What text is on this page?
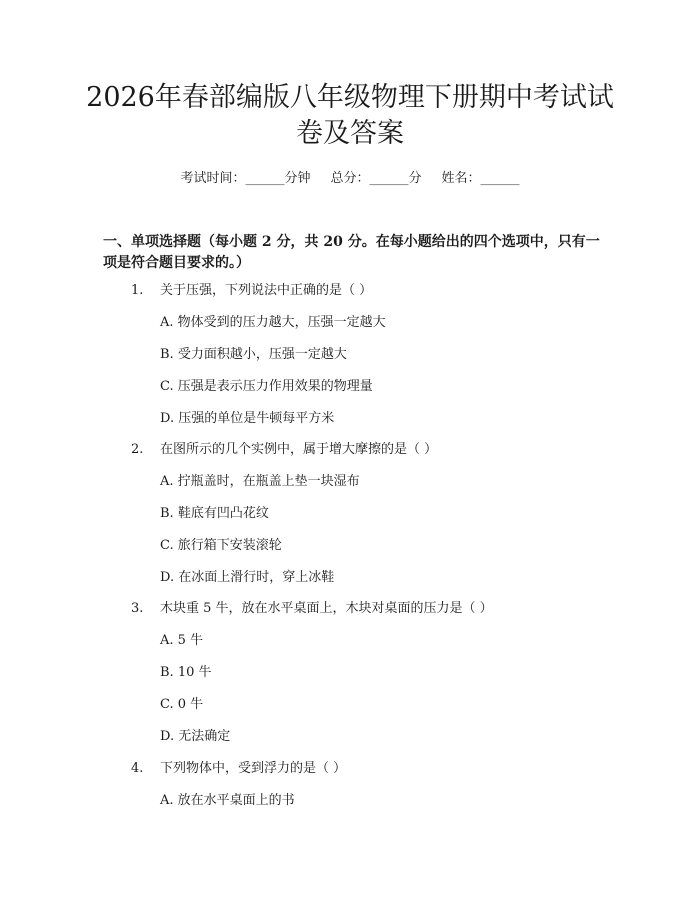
2026年春部编版八年级物理下册期中考试试卷及答案
考试时间：______分钟 总分：______分 姓名：______

一、单项选择题（每小题 2 分，共 20 分。在每小题给出的四个选项中，只有一项是符合题目要求的。）

1. 关于压强，下列说法中正确的是（ ）
A. 物体受到的压力越大，压强一定越大
B. 受力面积越小，压强一定越大
C. 压强是表示压力作用效果的物理量
D. 压强的单位是牛顿每平方米
2. 在图所示的几个实例中，属于增大摩擦的是（ ）
A. 拧瓶盖时，在瓶盖上垫一块湿布
B. 鞋底有凹凸花纹
C. 旅行箱下安装滚轮
D. 在冰面上滑行时，穿上冰鞋
3. 木块重 5 牛，放在水平桌面上，木块对桌面的压力是（ ）
A. 5 牛
B. 10 牛
C. 0 牛
D. 无法确定
4. 下列物体中，受到浮力的是（ ）
A. 放在水平桌面上的书
